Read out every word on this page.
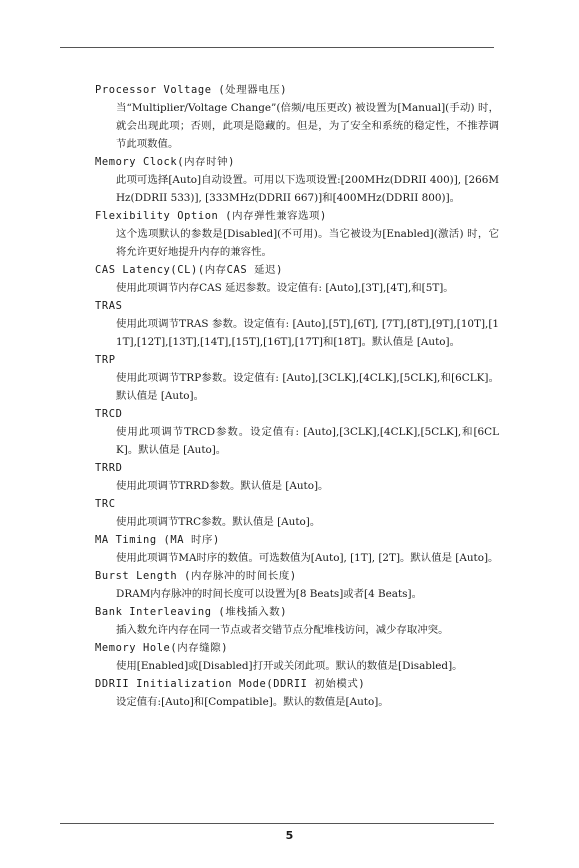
Processor Voltage (处理器电压)
当“Multiplier/Voltage Change”(倍频/电压更改) 被设置为[Manual](手动) 时，就会出现此项；否则，此项是隐藏的。但是，为了安全和系统的稳定性，不推荐调节此项数值。
Memory Clock(内存时钟)
此项可选择[Auto]自动设置。可用以下选项设置:[200MHz(DDRII 400)], [266MHz(DDRII 533)], [333MHz(DDRII 667)]和[400MHz(DDRII 800)]。
Flexibility Option (内存弹性兼容选项)
这个选项默认的参数是[Disabled](不可用)。当它被设为[Enabled](激活) 时，它将允许更好地提升内存的兼容性。
CAS Latency(CL)(内存CAS 延迟)
使用此项调节内存CAS 延迟参数。设定值有: [Auto],[3T],[4T],和[5T]。
TRAS
使用此项调节TRAS 参数。设定值有: [Auto],[5T],[6T], [7T],[8T],[9T],[10T],[11T],[12T],[13T],[14T],[15T],[16T],[17T]和[18T]。默认值是 [Auto]。
TRP
使用此项调节TRP参数。设定值有: [Auto],[3CLK],[4CLK],[5CLK],和[6CLK]。默认值是 [Auto]。
TRCD
使用此项调节TRCD参数。设定值有: [Auto],[3CLK],[4CLK],[5CLK],和[6CLK]。默认值是 [Auto]。
TRRD
使用此项调节TRRD参数。默认值是 [Auto]。
TRC
使用此项调节TRC参数。默认值是 [Auto]。
MA Timing (MA 时序)
使用此项调节MA时序的数值。可选数值为[Auto], [1T], [2T]。默认值是 [Auto]。
Burst Length (内存脉冲的时间长度)
DRAM内存脉冲的时间长度可以设置为[8 Beats]或者[4 Beats]。
Bank Interleaving (堆栈插入数)
插入数允许内存在同一节点或者交错节点分配堆栈访问，减少存取冲突。
Memory Hole(内存缝隙)
使用[Enabled]或[Disabled]打开或关闭此项。默认的数值是[Disabled]。
DDRII Initialization Mode(DDRII 初始模式)
设定值有:[Auto]和[Compatible]。默认的数值是[Auto]。
5
